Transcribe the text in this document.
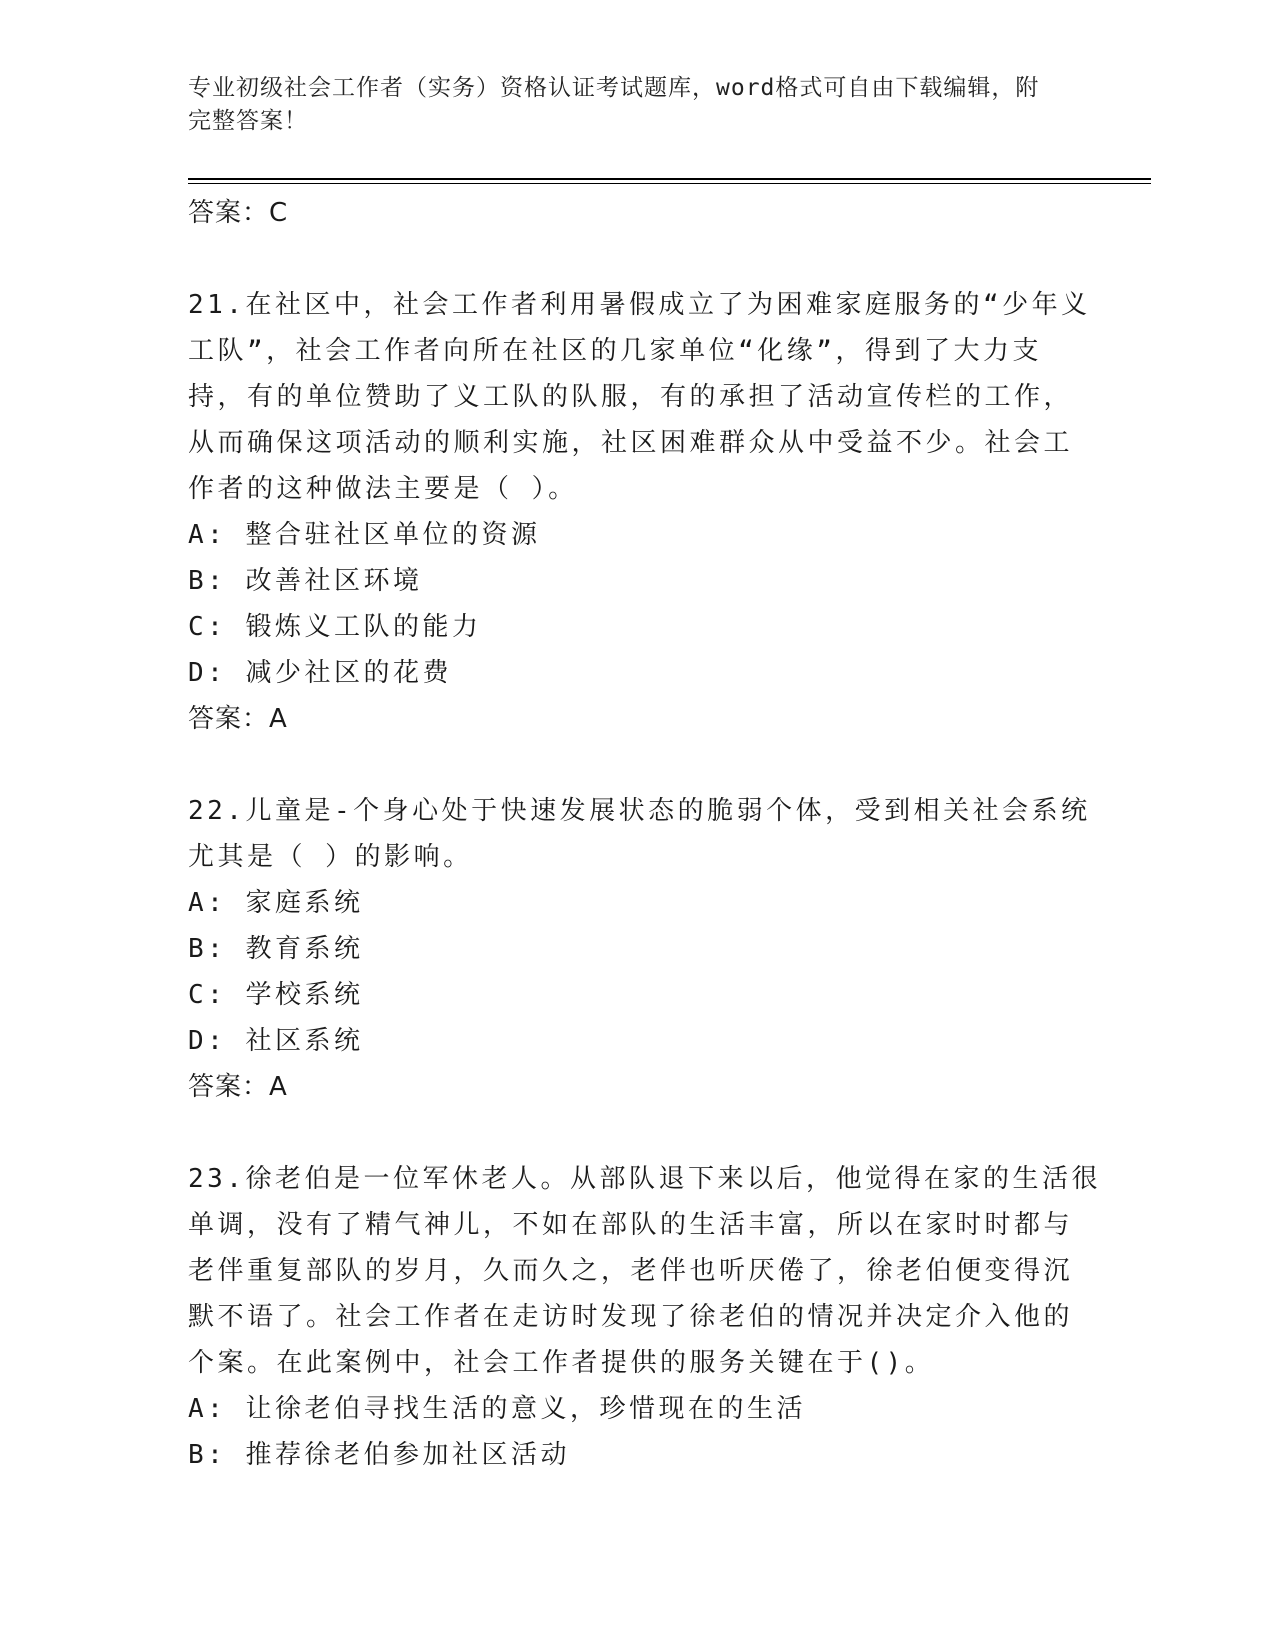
专业初级社会工作者（实务）资格认证考试题库，word格式可自由下载编辑，附
完整答案！
答案：C
21.在社区中，社会工作者利用暑假成立了为困难家庭服务的“少年义
工队”，社会工作者向所在社区的几家单位“化缘”，得到了大力支
持，有的单位赞助了义工队的队服，有的承担了活动宣传栏的工作，
从而确保这项活动的顺利实施，社区困难群众从中受益不少。社会工
作者的这种做法主要是（ ）。
A: 整合驻社区单位的资源
B: 改善社区环境
C: 锻炼义工队的能力
D: 减少社区的花费
答案：A
22.儿童是-个身心处于快速发展状态的脆弱个体，受到相关社会系统
尤其是（ ）的影响。
A: 家庭系统
B: 教育系统
C: 学校系统
D: 社区系统
答案：A
23.徐老伯是一位军休老人。从部队退下来以后，他觉得在家的生活很
单调，没有了精气神儿，不如在部队的生活丰富，所以在家时时都与
老伴重复部队的岁月，久而久之，老伴也听厌倦了，徐老伯便变得沉
默不语了。社会工作者在走访时发现了徐老伯的情况并决定介入他的
个案。在此案例中，社会工作者提供的服务关键在于()。
A: 让徐老伯寻找生活的意义，珍惜现在的生活
B: 推荐徐老伯参加社区活动
